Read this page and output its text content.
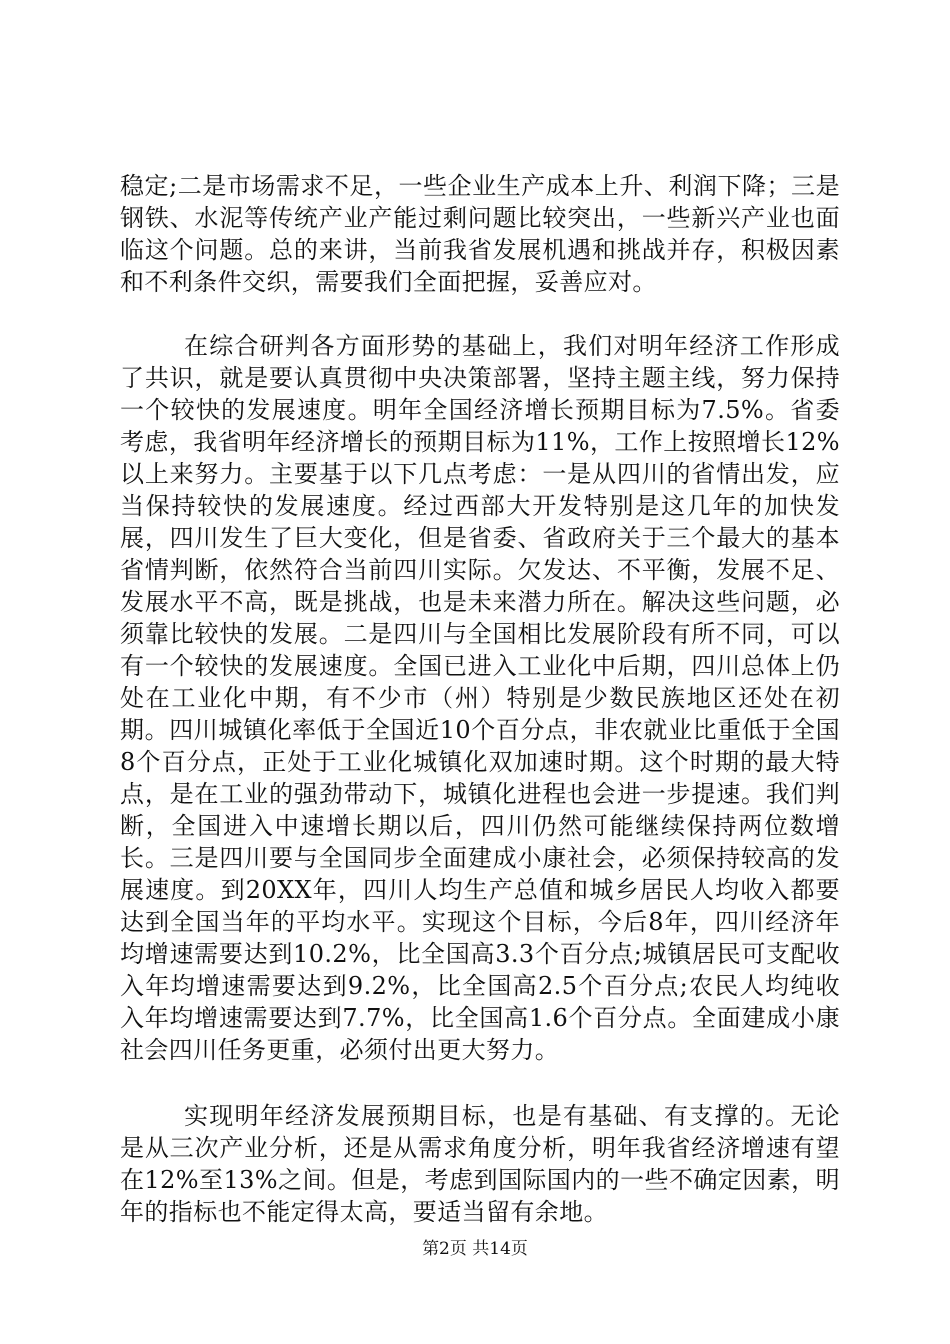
稳定;二是市场需求不足，一些企业生产成本上升、利润下降；三是钢铁、水泥等传统产业产能过剩问题比较突出，一些新兴产业也面临这个问题。总的来讲，当前我省发展机遇和挑战并存，积极因素和不利条件交织，需要我们全面把握，妥善应对。

在综合研判各方面形势的基础上，我们对明年经济工作形成了共识，就是要认真贯彻中央决策部署，坚持主题主线，努力保持一个较快的发展速度。明年全国经济增长预期目标为7.5%。省委考虑，我省明年经济增长的预期目标为11%，工作上按照增长12%以上来努力。主要基于以下几点考虑：一是从四川的省情出发，应当保持较快的发展速度。经过西部大开发特别是这几年的加快发展，四川发生了巨大变化，但是省委、省政府关于三个最大的基本省情判断，依然符合当前四川实际。欠发达、不平衡，发展不足、发展水平不高，既是挑战，也是未来潜力所在。解决这些问题，必须靠比较快的发展。二是四川与全国相比发展阶段有所不同，可以有一个较快的发展速度。全国已进入工业化中后期，四川总体上仍处在工业化中期，有不少市（州）特别是少数民族地区还处在初期。四川城镇化率低于全国近10个百分点，非农就业比重低于全国8个百分点，正处于工业化城镇化双加速时期。这个时期的最大特点，是在工业的强劲带动下，城镇化进程也会进一步提速。我们判断，全国进入中速增长期以后，四川仍然可能继续保持两位数增长。三是四川要与全国同步全面建成小康社会，必须保持较高的发展速度。到20XX年，四川人均生产总值和城乡居民人均收入都要达到全国当年的平均水平。实现这个目标，今后8年，四川经济年均增速需要达到10.2%，比全国高3.3个百分点;城镇居民可支配收入年均增速需要达到9.2%，比全国高2.5个百分点;农民人均纯收入年均增速需要达到7.7%，比全国高1.6个百分点。全面建成小康社会四川任务更重，必须付出更大努力。

实现明年经济发展预期目标，也是有基础、有支撑的。无论是从三次产业分析，还是从需求角度分析，明年我省经济增速有望在12%至13%之间。但是，考虑到国际国内的一些不确定因素，明年的指标也不能定得太高，要适当留有余地。

第2页 共14页
